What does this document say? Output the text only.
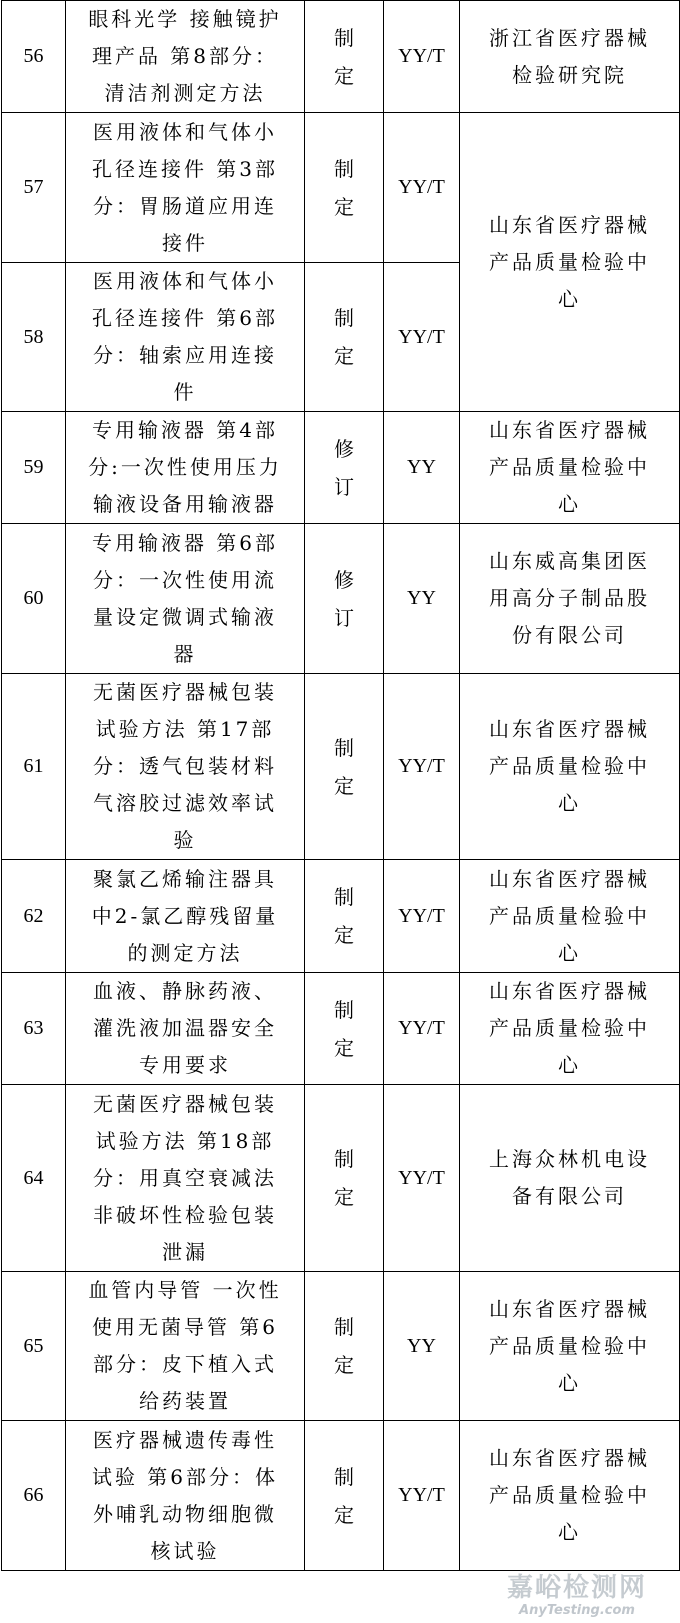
56	眼科光学 接触镜护理产品 第8部分：清洁剂测定方法	制定	YY/T	浙江省医疗器械检验研究院
57	医用液体和气体小孔径连接件 第3部分：胃肠道应用连接件	制定	YY/T	山东省医疗器械产品质量检验中心
58	医用液体和气体小孔径连接件 第6部分：轴索应用连接件	制定	YY/T	
59	专用输液器 第4部分:一次性使用压力输液设备用输液器	修订	YY	山东省医疗器械产品质量检验中心
60	专用输液器 第6部分：一次性使用流量设定微调式输液器	修订	YY	山东威高集团医用高分子制品股份有限公司
61	无菌医疗器械包装试验方法 第17部分：透气包装材料气溶胶过滤效率试验	制定	YY/T	山东省医疗器械产品质量检验中心
62	聚氯乙烯输注器具中2-氯乙醇残留量的测定方法	制定	YY/T	山东省医疗器械产品质量检验中心
63	血液、静脉药液、灌洗液加温器安全专用要求	制定	YY/T	山东省医疗器械产品质量检验中心
64	无菌医疗器械包装试验方法 第18部分：用真空衰减法非破坏性检验包装泄漏	制定	YY/T	上海众林机电设备有限公司
65	血管内导管 一次性使用无菌导管 第6部分：皮下植入式给药装置	制定	YY	山东省医疗器械产品质量检验中心
66	医疗器械遗传毒性试验 第6部分：体外哺乳动物细胞微核试验	制定	YY/T	山东省医疗器械产品质量检验中心
嘉峪检测网
AnyTesting.com
